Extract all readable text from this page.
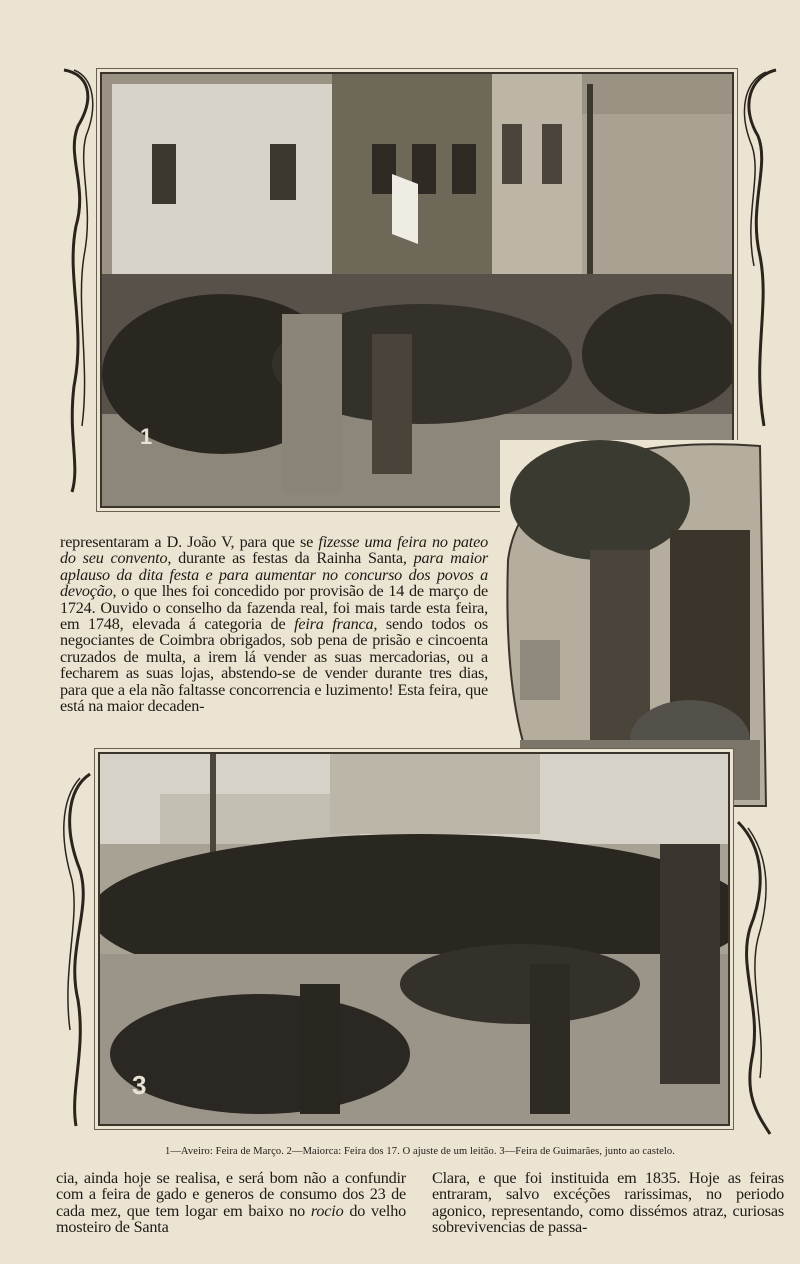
1
3

representaram a D. João V, para que se fizesse uma feira no pateo do seu convento, durante as festas da Rainha Santa, para maior aplauso da dita festa e para aumentar no concurso dos povos a devoção, o que lhes foi concedido por provisão de 14 de março de 1724. Ouvido o conselho da fazenda real, foi mais tarde esta feira, em 1748, elevada á categoria de feira franca, sendo todos os negociantes de Coimbra obrigados, sob pena de prisão e cincoenta cruzados de multa, a irem lá vender as suas mercadorias, ou a fecharem as suas lojas, abstendo-se de vender durante tres dias, para que a ela não faltasse concorrencia e luzimento! Esta feira, que está na maior decaden-

1—Aveiro: Feira de Março. 2—Maiorca: Feira dos 17. O ajuste de um leitão. 3—Feira de Guimarães, junto ao castelo.

cia, ainda hoje se realisa, e será bom não a confundir com a feira de gado e generos de consumo dos 23 de cada mez, que tem logar em baixo no rocio do velho mosteiro de Santa

Clara, e que foi instituida em 1835. Hoje as feiras entraram, salvo excéções rarissimas, no periodo agonico, representando, como dissémos atraz, curiosas sobrevivencias de passa-
